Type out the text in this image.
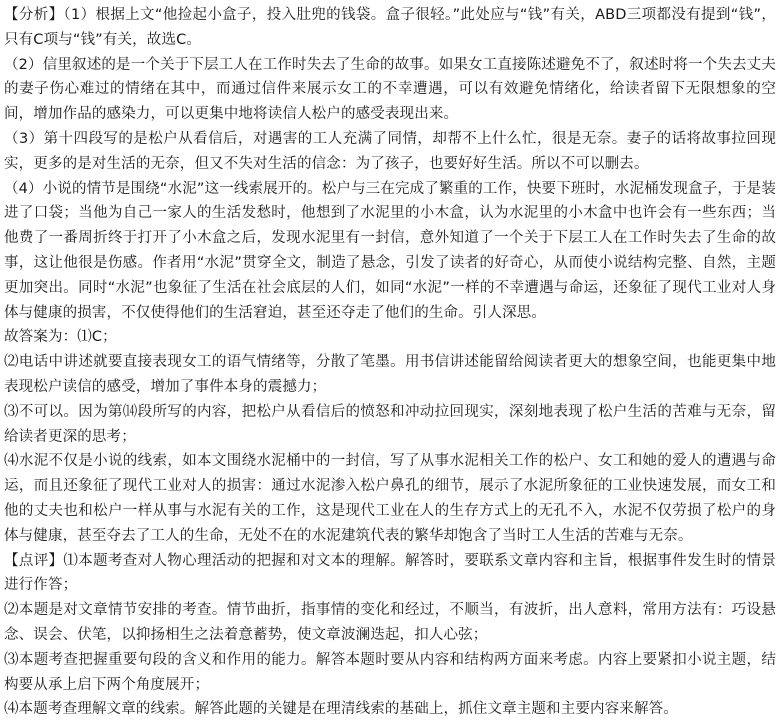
【分析】（1）根据上文“他捡起小盒子，投入肚兜的钱袋。盒子很轻。”此处应与“钱”有关，ABD三项都没有提到“钱”，只有C项与“钱”有关，故选C。

（2）信里叙述的是一个关于下层工人在工作时失去了生命的故事。如果女工直接陈述避免不了，叙述时将一个失去丈夫的妻子伤心难过的情绪在其中，而通过信件来展示女工的不幸遭遇，可以有效避免情绪化，给读者留下无限想象的空间，增加作品的感染力，可以更集中地将读信人松户的感受表现出来。

（3）第十四段写的是松户从看信后，对遇害的工人充满了同情，却帮不上什么忙，很是无奈。妻子的话将故事拉回现实，更多的是对生活的无奈，但又不失对生活的信念：为了孩子，也要好好生活。所以不可以删去。

（4）小说的情节是围绕“水泥”这一线索展开的。松户与三在完成了繁重的工作，快要下班时，水泥桶发现盒子，于是装进了口袋；当他为自己一家人的生活发愁时，他想到了水泥里的小木盒，认为水泥里的小木盒中也许会有一些东西；当他费了一番周折终于打开了小木盒之后，发现水泥里有一封信，意外知道了一个关于下层工人在工作时失去了生命的故事，这让他很是伤感。作者用“水泥”贯穿全文，制造了悬念，引发了读者的好奇心，从而使小说结构完整、自然，主题更加突出。同时“水泥”也象征了生活在社会底层的人们，如同“水泥”一样的不幸遭遇与命运，还象征了现代工业对人身体与健康的损害，不仅使得他们的生活窘迫，甚至还夺走了他们的生命。引人深思。

故答案为：⑴C；

⑵电话中讲述就要直接表现女工的语气情绪等，分散了笔墨。用书信讲述能留给阅读者更大的想象空间，也能更集中地表现松户读信的感受，增加了事件本身的震撼力；

⑶不可以。因为第⒁段所写的内容，把松户从看信后的愤怒和冲动拉回现实，深刻地表现了松户生活的苦难与无奈，留给读者更深的思考；

⑷水泥不仅是小说的线索，如本文围绕水泥桶中的一封信，写了从事水泥相关工作的松户、女工和她的爱人的遭遇与命运，而且还象征了现代工业对人的损害：通过水泥渗入松户鼻孔的细节，展示了水泥所象征的工业快速发展，而女工和他的丈夫也和松户一样从事与水泥有关的工作，这是现代工业在人的生存方式上的无孔不入，水泥不仅劳损了松户的身体与健康，甚至夺去了工人的生命，无处不在的水泥建筑代表的繁华却饱含了当时工人生活的苦难与无奈。

【点评】⑴本题考查对人物心理活动的把握和对文本的理解。解答时，要联系文章内容和主旨，根据事件发生时的情景进行作答；

⑵本题是对文章情节安排的考查。情节曲折，指事情的变化和经过，不顺当，有波折，出人意料，常用方法有：巧设悬念、误会、伏笔，以抑扬相生之法着意蓄势，使文章波澜迭起，扣人心弦；

⑶本题考查把握重要句段的含义和作用的能力。解答本题时要从内容和结构两方面来考虑。内容上要紧扣小说主题，结构要从承上启下两个角度展开；

⑷本题考查理解文章的线索。解答此题的关键是在理清线索的基础上，抓住文章主题和主要内容来解答。
